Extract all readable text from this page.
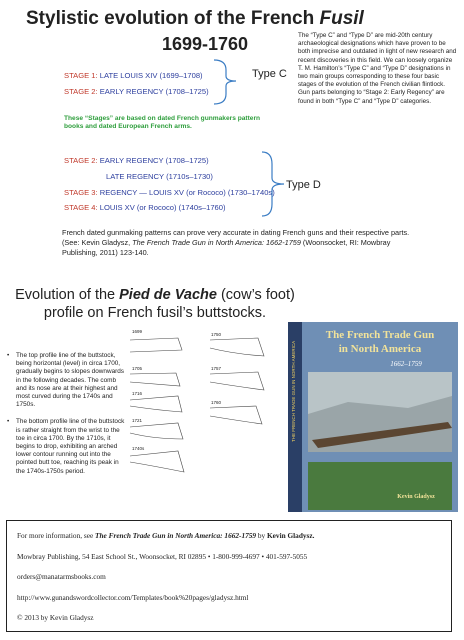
Stylistic evolution of the French Fusil
1699-1760	The “Type C” and “Type D” are mid-20th century archaeological designations which have proven to be both imprecise and outdated in light of new research and recent discoveries in this field. We can loosely organize T. M. Hamilton’s “Type C” and “Type D” designations in two main groups corresponding to these four basic stages of the evolution of the French civilian flintlock. Gun parts belonging to “Stage 2: Early Regency” are found in both “Type C” and “Type D” categories.
STAGE 1: LATE LOUIS XIV (1699–1708)
STAGE 2: EARLY REGENCY (1708–1725)
Type C
These “Stages” are based on dated French gunmakers pattern books and dated European French arms.
STAGE 2: EARLY REGENCY (1708–1725)
LATE REGENCY (1710s–1730)
STAGE 3: REGENCY — LOUIS XV (or Rococo) (1730–1740s)
STAGE 4: LOUIS XV (or Rococo) (1740s–1760)
Type D
French dated gunmaking patterns can prove very accurate in dating French guns and their respective parts. (See: Kevin Gladysz, The French Trade Gun in North America: 1662-1759 (Woonsocket, RI: Mowbray Publishing, 2011) 123-140.
Evolution of the Pied de Vache (cow’s foot)
profile on French fusil’s buttstocks.
• The top profile line of the buttstock, being horizontal (level) in circa 1700, gradually begins to slopes downwards in the following decades. The comb and its nose are at their highest and most curved during the 1740s and 1750s.
• The bottom profile line of the buttstock is rather straight from the wrist to the toe in circa 1700. By the 1710s, it begins to drop, exhibiting an arched lower contour running out into the pointed butt toe, reaching its peak in the 1740s-1750s period.
1699
1705
1716
1721
1740s
1750
1757
1760	THE FRENCH TRADE GUN IN NORTH AMERICA
The French Trade Gun
in North America
1662–1759
Kevin Gladysz
For more information, see The French Trade Gun in North America: 1662-1759 by Kevin Gladysz.
Mowbray Publishing, 54 East School St., Woonsocket, RI 02895 • 1-800-999-4697 • 401-597-5055
orders@manatarmsbooks.com
http://www.gunandswordcollector.com/Templates/book%20pages/gladysz.html
© 2013 by Kevin Gladysz
